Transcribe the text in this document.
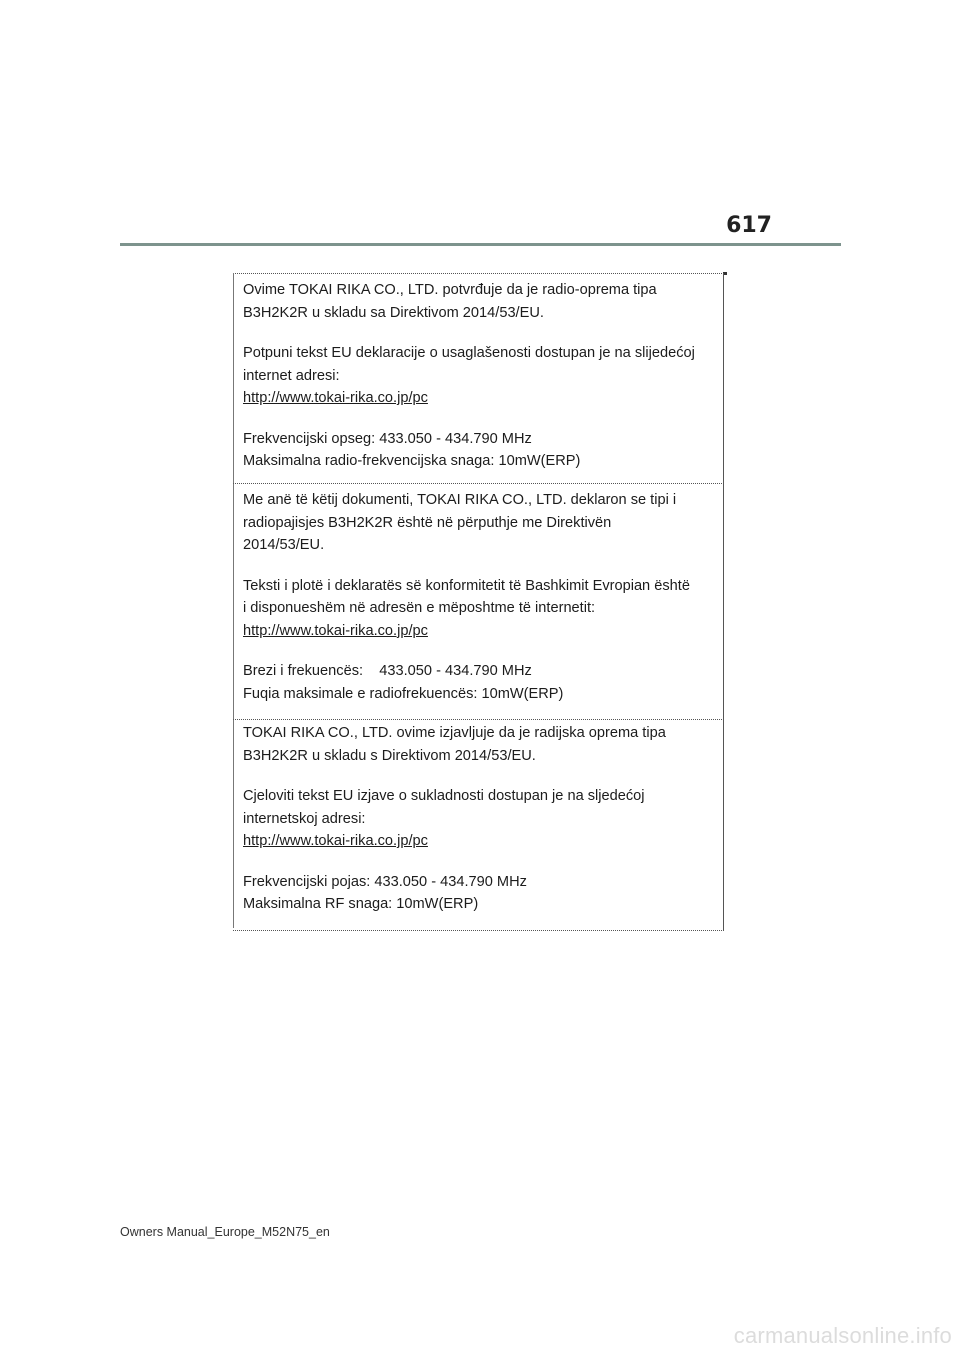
617

Ovime TOKAI RIKA CO., LTD. potvrđuje da je radio-oprema tipa

B3H2K2R u skladu sa Direktivom 2014/53/EU.

Potpuni tekst EU deklaracije o usaglašenosti dostupan je na slijedećoj

internet adresi:

http://www.tokai-rika.co.jp/pc

Frekvencijski opseg: 433.050 - 434.790 MHz

Maksimalna radio-frekvencijska snaga: 10mW(ERP)

Me anë të këtij dokumenti, TOKAI RIKA CO., LTD. deklaron se tipi i

radiopajisjes B3H2K2R është në përputhje me Direktivën

2014/53/EU.

Teksti i plotë i deklaratës së konformitetit të Bashkimit Evropian është

i disponueshëm në adresën e mëposhtme të internetit:

http://www.tokai-rika.co.jp/pc

Brezi i frekuencës:    433.050 - 434.790 MHz

Fuqia maksimale e radiofrekuencës: 10mW(ERP)

TOKAI RIKA CO., LTD. ovime izjavljuje da je radijska oprema tipa

B3H2K2R u skladu s Direktivom 2014/53/EU.

Cjeloviti tekst EU izjave o sukladnosti dostupan je na sljedećoj

internetskoj adresi:

http://www.tokai-rika.co.jp/pc

Frekvencijski pojas: 433.050 - 434.790 MHz

Maksimalna RF snaga: 10mW(ERP)

Owners Manual_Europe_M52N75_en
carmanualsonline.info
